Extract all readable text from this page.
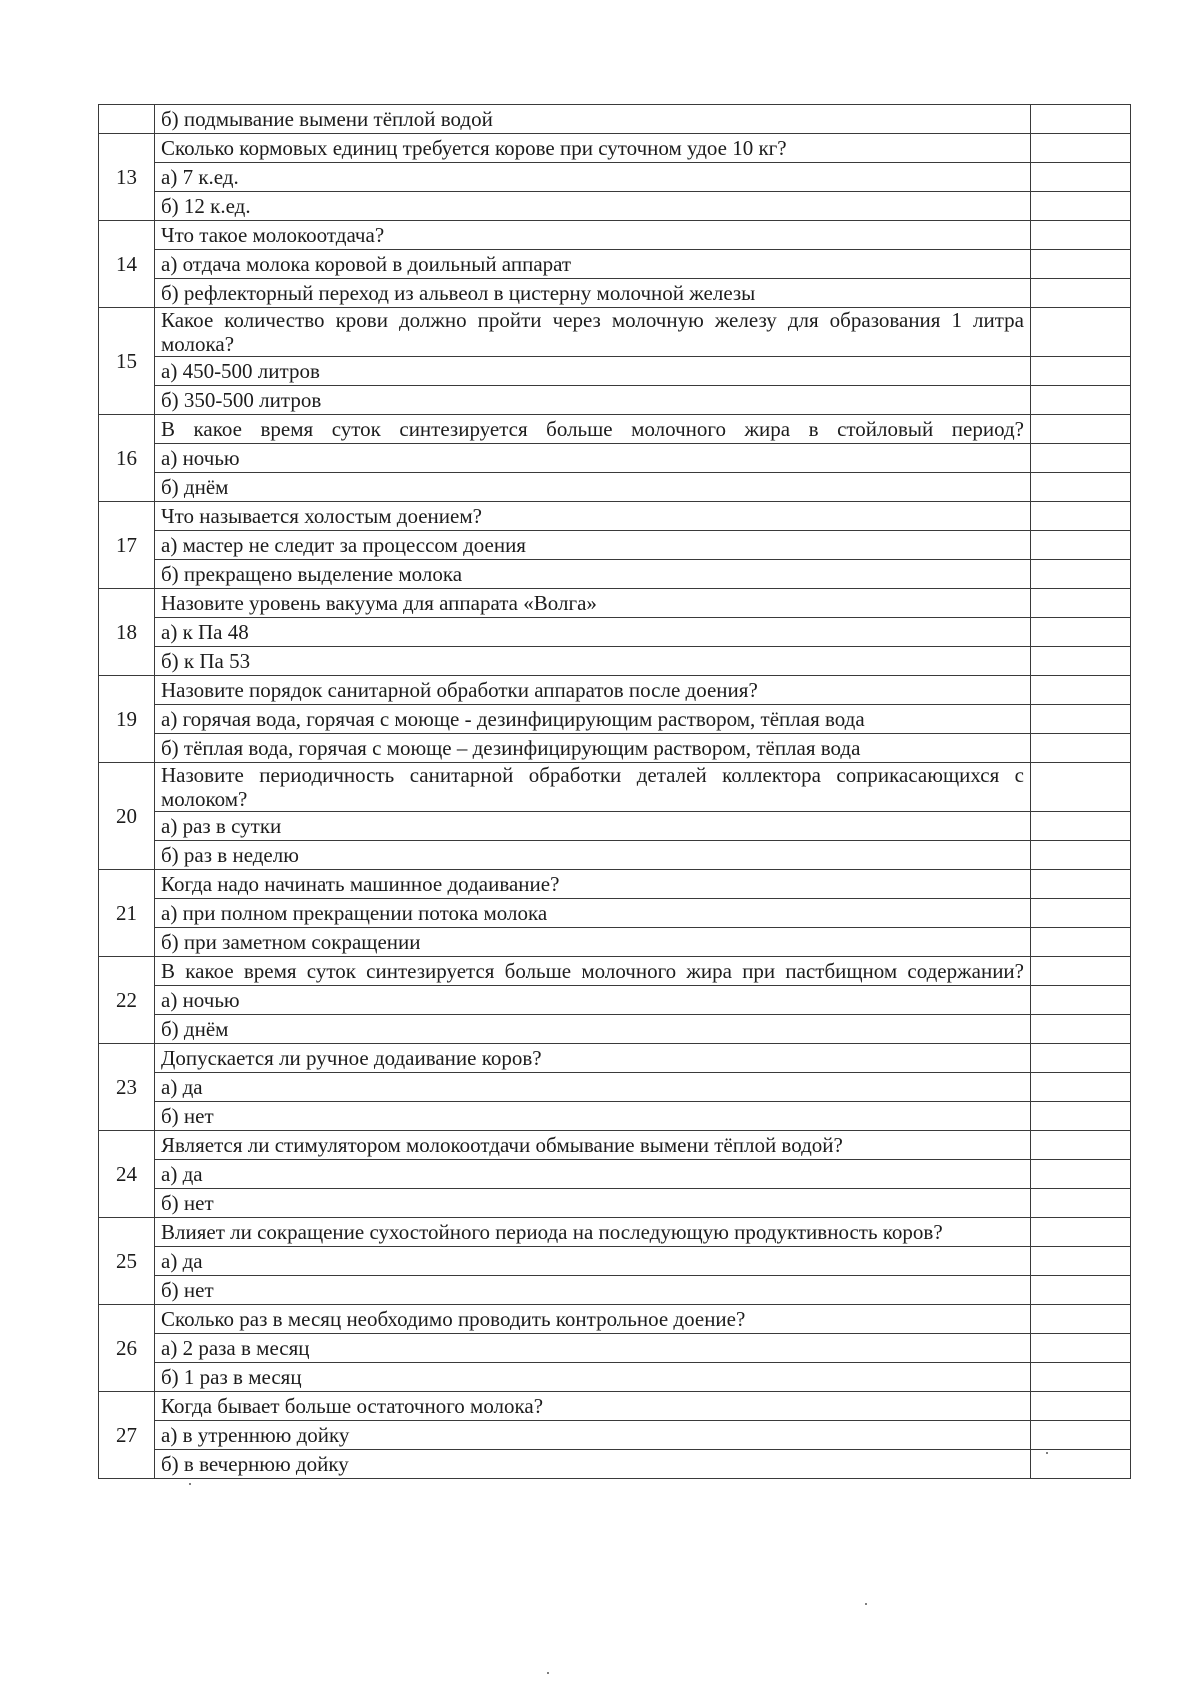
	б) подмывание вымени тёплой водой	
13	Сколько кормовых единиц требуется корове при суточном удое 10 кг?	
	а) 7 к.ед.	
	б) 12 к.ед.	
14	Что такое молокоотдача?	
	а) отдача молока коровой в доильный аппарат	
	б) рефлекторный переход из альвеол в цистерну молочной железы	
15	Какое количество крови должно пройти через молочную железу для образования 1 литра молока?	
	а) 450-500 литров	
	б) 350-500 литров	
16	В какое время суток синтезируется больше молочного жира в стойловый период?	
	а) ночью	
	б) днём	
17	Что называется холостым доением?	
	а) мастер не следит за процессом доения	
	б) прекращено выделение молока	
18	Назовите уровень вакуума для аппарата «Волга»	
	а) к Па 48	
	б) к Па 53	
19	Назовите порядок санитарной обработки аппаратов после доения?	
	а) горячая вода, горячая с моюще - дезинфицирующим раствором, тёплая вода	
	б) тёплая вода, горячая с моюще – дезинфицирующим раствором, тёплая вода	
20	Назовите периодичность санитарной обработки деталей коллектора соприкасающихся с молоком?	
	а) раз в сутки	
	б) раз в неделю	
21	Когда надо начинать машинное додаивание?	
	а) при полном прекращении потока молока	
	б) при заметном сокращении	
22	В какое время суток синтезируется больше молочного жира при пастбищном содержании?	
	а) ночью	
	б) днём	
23	Допускается ли ручное додаивание коров?	
	а) да	
	б) нет	
24	Является ли стимулятором молокоотдачи обмывание вымени тёплой водой?	
	а) да	
	б) нет	
25	Влияет ли сокращение сухостойного периода на последующую продуктивность коров?	
	а) да	
	б) нет	
26	Сколько раз в месяц необходимо проводить контрольное доение?	
	а) 2 раза в месяц	
	б) 1 раз в месяц	
27	Когда бывает больше остаточного молока?	
	а) в утреннюю дойку	
	б) в вечернюю дойку	
